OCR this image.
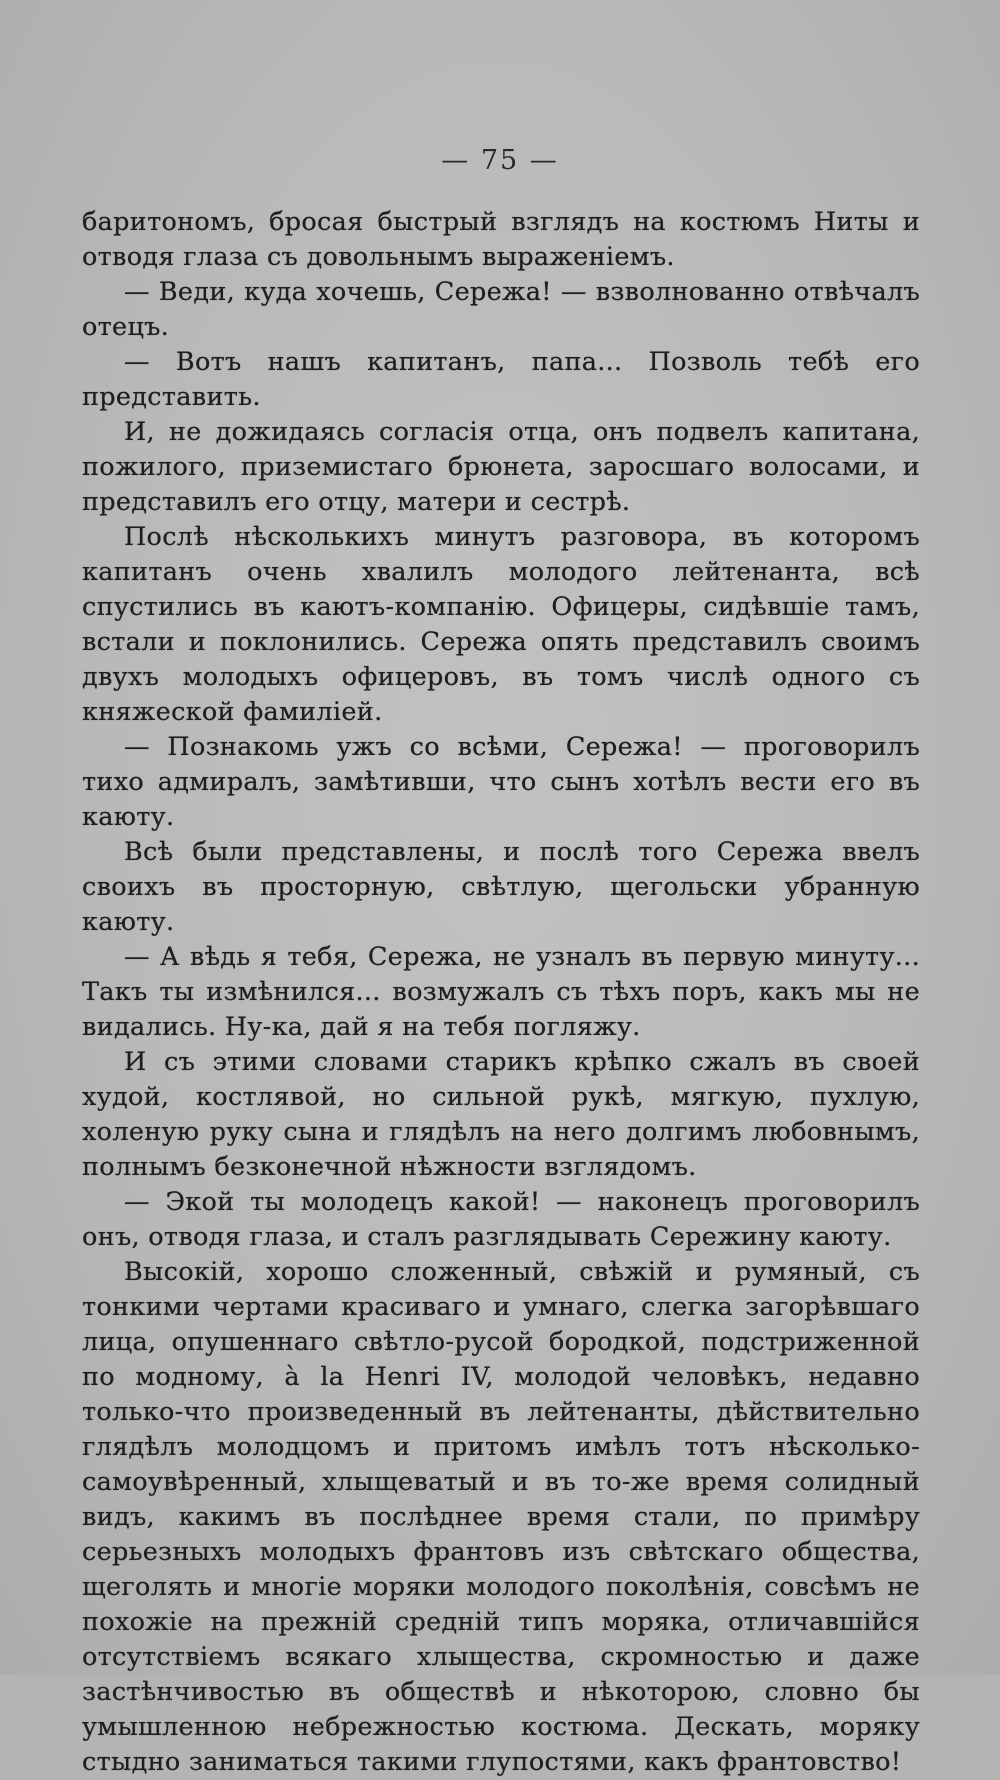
— 75 —

баритономъ, бросая быстрый взглядъ на костюмъ Ниты и отводя глаза съ довольнымъ выраженіемъ.

— Веди, куда хочешь, Сережа! — взволнованно отвѣчалъ отецъ.

— Вотъ нашъ капитанъ, папа... Позволь тебѣ его представить.

И, не дожидаясь согласія отца, онъ подвелъ капитана, пожилого, приземистаго брюнета, заросшаго волосами, и представилъ его отцу, матери и сестрѣ.

Послѣ нѣсколькихъ минутъ разговора, въ которомъ капитанъ очень хвалилъ молодого лейтенанта, всѣ спустились въ каютъ-компанію. Офицеры, сидѣвшіе тамъ, встали и поклонились. Сережа опять представилъ своимъ двухъ молодыхъ офицеровъ, въ томъ числѣ одного съ княжеской фамиліей.

— Познакомь ужъ со всѣми, Сережа! — проговорилъ тихо адмиралъ, замѣтивши, что сынъ хотѣлъ вести его въ каюту.

Всѣ были представлены, и послѣ того Сережа ввелъ своихъ въ просторную, свѣтлую, щегольски убранную каюту.

— А вѣдь я тебя, Сережа, не узналъ въ первую минуту... Такъ ты измѣнился... возмужалъ съ тѣхъ поръ, какъ мы не видались. Ну-ка, дай я на тебя погляжу.

И съ этими словами старикъ крѣпко сжалъ въ своей худой, костлявой, но сильной рукѣ, мягкую, пухлую, холеную руку сына и глядѣлъ на него долгимъ любовнымъ, полнымъ безконечной нѣжности взглядомъ.

— Экой ты молодецъ какой! — наконецъ проговорилъ онъ, отводя глаза, и сталъ разглядывать Сережину каюту.

Высокій, хорошо сложенный, свѣжій и румяный, съ тонкими чертами красиваго и умнаго, слегка загорѣвшаго лица, опушеннаго свѣтло-русой бородкой, подстриженной по модному, à la Henri IV, молодой человѣкъ, недавно только-что произведенный въ лейтенанты, дѣйствительно глядѣлъ молодцомъ и притомъ имѣлъ тотъ нѣсколько-самоувѣренный, хлыщеватый и въ то-же время солидный видъ, какимъ въ послѣднее время стали, по примѣру серьезныхъ молодыхъ франтовъ изъ свѣтскаго общества, щеголять и многіе моряки молодого поколѣнія, совсѣмъ не похожіе на прежній средній типъ моряка, отличавшійся отсутствіемъ всякаго хлыщества, скромностью и даже застѣнчивостью въ обществѣ и нѣкоторою, словно бы умышленною небрежностью костюма. Дескать, моряку стыдно заниматься такими глупостями, какъ франтовство!
